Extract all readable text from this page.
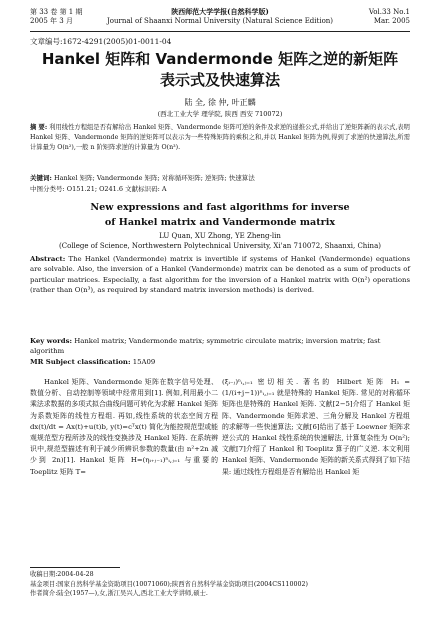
第 33 卷 第 1 期
2005 年 3 月
陕西师范大学学报(自然科学版)
Journal of Shaanxi Normal University (Natural Science Edition)
Vol.33 No.1
Mar. 2005
文章编号:1672-4291(2005)01-0011-04
Hankel 矩阵和 Vandermonde 矩阵之逆的新矩阵
表示式及快速算法
陆 全, 徐 仲, 叶正麟
(西北工业大学 理学院, 陕西 西安 710072)
摘 要: 利用线性方程组是否有解给出 Hankel 矩阵、Vandermonde 矩阵可逆的条件及求逆的递推公式,并给出了逆矩阵新的表示式,表明 Hankel 矩阵、Vandermonde 矩阵的逆矩阵可以表示为一些特殊矩阵的乘积之和,并以 Hankel 矩阵为例,得到了求逆的快速算法,所需计算量为 O(n²),一般 n 阶矩阵求逆的计算量为 O(n³).
关键词: Hankel 矩阵; Vandermonde 矩阵; 对称循环矩阵; 逆矩阵; 快速算法
中图分类号: O151.21; O241.6 文献标识码: A
New expressions and fast algorithms for inverse
of Hankel matrix and Vandermonde matrix
LU Quan, XU Zhong, YE Zheng-lin
(College of Science, Northwestern Polytechnical University, Xi'an 710072, Shaanxi, China)
Abstract: The Hankel (Vandermonde) matrix is invertible if systems of Hankel (Vandermonde) equations are solvable. Also, the inversion of a Hankel (Vandermonde) matrix can be denoted as a sum of products of particular matrices. Especially, a fast algorithm for the inversion of a Hankel matrix with O(n²) operations (rather than O(n³), as required by standard matrix inversion methods) is derived.
Key words: Hankel matrix; Vandermonde matrix; symmetric circulate matrix; inversion matrix; fast algorithm
MR Subject classification: 15A09

Hankel 矩阵、Vandermonde 矩阵在数字信号处理、数值分析、自动控制等领域中经常用到[1]. 例如,利用最小二乘法求数据的多项式拟合曲线问题可转化为求解 Hankel 矩阵为系数矩阵的线性方程组. 再如,线性系统的状态空间方程 dx(t)/dt = Ax(t)+u(t)b, y(t)=cᵀx(t) 简化为能控规范型或能观规范型方程所涉及的线性变换涉及 Hankel 矩阵. 在系统辨识中,规范型描述有利于减少所辨识参数的数量(由 n²+2n 减少到 2n)[1]. Hankel 矩阵 H=(ηᵢ₊ⱼ₋₁)ⁿᵢ,ⱼ₌₁ 与重要的 Toeplitz 矩阵 T=

(ξᵢ₋ⱼ)ⁿᵢ,ⱼ₌₁ 密切相关. 著名的 Hilbert 矩阵 H₁ = (1/(i+j−1))ⁿᵢ,ⱼ₌₁ 就是特殊的 Hankel 矩阵. 常见的对称循环矩阵也是特殊的 Hankel 矩阵. 文献[2−5]介绍了 Hankel 矩阵、Vandermonde 矩阵求逆、三角分解及 Hankel 方程组的求解等一些快速算法; 文献[6]给出了基于 Loewner 矩阵求逆公式的 Hankel 线性系统的快速解法, 计算复杂性为 O(n²); 文献[7]介绍了 Hankel 和 Toeplitz 算子的广义逆. 本文利用 Hankel 矩阵、Vandermonde 矩阵的新关系式得到了如下结果: 通过线性方程组是否有解给出 Hankel 矩

收稿日期:2004-04-28
基金项目:国家自然科学基金资助项目(10071060);陕西省自然科学基金资助项目(2004CS110002)
作者简介:陆全(1957—),女,浙江吴兴人,西北工业大学讲师,硕士.
